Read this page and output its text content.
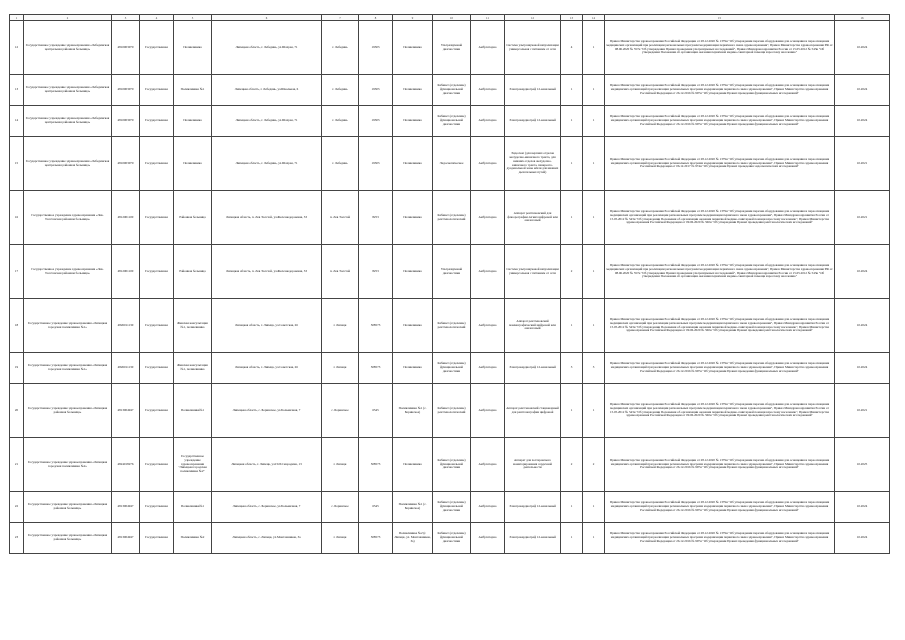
1	2	3	4	5	6	7	8	9	10	11	12	13	14	15	16
12	Государственное учреждение здравоохранения «Лебединская центральная районная больница»	4810003070	Государственная	Поликлиника	Липецкая область, г. Лебедянь, ул.Шахрая, 71	г. Лебедянь	19303	Поликлиника	Ультразвуковой диагностики	Амбулаторно	Система ультразвуковой визуализации универсальная с питанием от сети	4	1	Приказ Министерства здравоохранения Российской Федерации от 28.12.2020 № 1379н "Об утверждении перечня оборудования для оснащения и переоснащения медицинских организаций при реализации региональных программ модернизации первичного звена здравоохранения", Приказ Министерства здравоохранения РФ от 08.06.2020 № 557н "Об утверждении Правил проведения ультразвуковых исследований", Приказ Минздравсоцразвития России от 15.05.2012 № 543н "Об утверждении Положения об организации оказания первичной медико-санитарной помощи взрослому населению"	10.2024
13	Государственное учреждение здравоохранения «Лебединская центральная районная больница»	4810003070	Государственная	Поликлиника №1	Липецкая область, г. Лебедянь, ул.Школьная, 6	г. Лебедянь	19303	Поликлиника	Кабинет (отделение) функциональной диагностики	Амбулаторно	Электрокардиограф 12-канальный	1	1	Приказ Министерства здравоохранения Российской Федерации от 28.12.2020 № 1379н "Об утверждении перечня оборудования для оснащения и переоснащения медицинских организаций при реализации региональных программ модернизации первичного звена здравоохранения", Приказ Министерства здравоохранения Российской Федерации от 26.12.2016 № 997н "Об утверждении Правил проведения функциональных исследований"	10.2024
14	Государственное учреждение здравоохранения «Лебединская центральная районная больница»	4810003070	Государственная	Поликлиника	Липецкая область, г. Лебедянь, ул.Шахрая, 71	г. Лебедянь	19303	Поликлиника	Кабинет (отделение) функциональной диагностики	Амбулаторно	Электрокардиограф 12-канальный	1	1	Приказ Министерства здравоохранения Российской Федерации от 28.12.2020 № 1379н "Об утверждении перечня оборудования для оснащения и переоснащения медицинских организаций при реализации региональных программ модернизации первичного звена здравоохранения", Приказ Министерства здравоохранения Российской Федерации от 26.12.2016 № 997н "Об утверждении Правил проведения функциональных исследований"	10.2024
15	Государственное учреждение здравоохранения «Лебединская центральная районная больница»	4810003070	Государственная	Поликлиника	Липецкая область, г. Лебедянь, ул.Шахрая, 71	г. Лебедянь	19303	Поликлиника	Эндоскопическое	Амбулаторно	Эндоскоп (для верхних отделов желудочно-кишечного тракта, для нижних отделов желудочно-кишечного тракта, панкреато-дуоденальной зоны и/или для нижних дыхательных путей)	1	1	Приказ Министерства здравоохранения Российской Федерации от 28.12.2020 № 1379н "Об утверждении перечня оборудования для оснащения и переоснащения медицинских организаций при реализации региональных программ модернизации первичного звена здравоохранения", Приказ Министерства здравоохранения Российской Федерации от 06.12.2017 № 974н "Об утверждении Правил проведения эндоскопических исследований"	10.2021
16	Государственное учреждение здравоохранения «Лев-Толстовская районная больница»	4812001100	Государственная	Районная больница	Липецкая область, п. Лев Толстой, ул.Железнодорожная, 33	п. Лев Толстой	8253	Поликлиника	Кабинет (отделение) рентгенологический	Амбулаторно	Аппарат рентгеновский для флюорографии легких цифровой или аналоговый	1	1	Приказ Министерства здравоохранения Российской Федерации от 28.12.2020 № 1379н "Об утверждении перечня оборудования для оснащения и переоснащения медицинских организаций при реализации региональных программ модернизации первичного звена здравоохранения", Приказ Минздравсоцразвития России от 15.05.2012 № 543н "Об утверждении Положения об организации оказания первичной медико-санитарной помощи взрослому населению", Приказ Министерства здравоохранения Российской Федерации от 09.06.2020 № 560н "Об утверждении Правил проведения рентгенологических исследований"	10.2021
17	Государственное учреждение здравоохранения «Лев-Толстовская районная больница»	4812001100	Государственная	Районная больница	Липецкая область, п. Лев Толстой, ул.Железнодорожная, 33	п. Лев Толстой	8253	Поликлиника	Ультразвуковой диагностики	Амбулаторно	Система ультразвуковой визуализации универсальная с питанием от сети	2	1	Приказ Министерства здравоохранения Российской Федерации от 28.12.2020 № 1379н "Об утверждении перечня оборудования для оснащения и переоснащения медицинских организаций при реализации региональных программ модернизации первичного звена здравоохранения", Приказ Министерства здравоохранения РФ от 08.06.2020 № 557н "Об утверждении Правил проведения ультразвуковых исследований", Приказ Минздравсоцразвития России от 15.05.2012 № 543н "Об утверждении Положения об организации оказания первичной медико-санитарной помощи взрослому населению"	10.2024
18	Государственное учреждение здравоохранения «Липецкая городская поликлиника №1»	4826011130	Государственная	Женская консультация №1, поликлиника	Липецкая область, г. Липецк, ул.Советская, 26	г. Липецк	508573	Поликлиника	Кабинет (отделение) рентгенологический	Амбулаторно	Аппарат рентгеновский маммографический цифровой или аналоговый	1	1	Приказ Министерства здравоохранения Российской Федерации от 28.12.2020 № 1379н "Об утверждении перечня оборудования для оснащения и переоснащения медицинских организаций при реализации региональных программ модернизации первичного звена здравоохранения", Приказ Минздравсоцразвития России от 15.05.2012 № 543н "Об утверждении Положения об организации оказания первичной медико-санитарной помощи взрослому населению", Приказ Министерства здравоохранения Российской Федерации от 09.06.2020 № 560н "Об утверждении Правил проведения рентгенологических исследований"	10.2024
19	Государственное учреждение здравоохранения «Липецкая городская поликлиника №1»	4826011130	Государственная	Женская консультация №1, поликлиника	Липецкая область, г. Липецк, ул.Советская, 26	г. Липецк	508573	Поликлиника	Кабинет (отделение) функциональной диагностики	Амбулаторно	Электрокардиограф 12-канальный	3	3	Приказ Министерства здравоохранения Российской Федерации от 28.12.2020 № 1379н "Об утверждении перечня оборудования для оснащения и переоснащения медицинских организаций при реализации региональных программ модернизации первичного звена здравоохранения", Приказ Министерства здравоохранения Российской Федерации от 26.12.2016 № 997н "Об утверждении Правил проведения функциональных исследований"	10.2024
20	Государственное учреждение здравоохранения «Липецкая районная больница»	4813004947	Государственная	Поликлиника№1	Липецкая область, с. Боринское, ул.Больничная, 7	с. Боринское	6545	Поликлиника №1 (с. Боринское)	Кабинет (отделение) рентгенологический	Амбулаторно	Аппарат рентгеновский стационарный для рентгенографии цифровой	1	1	Приказ Министерства здравоохранения Российской Федерации от 28.12.2020 № 1379н "Об утверждении перечня оборудования для оснащения и переоснащения медицинских организаций при реализации региональных программ модернизации первичного звена здравоохранения", Приказ Минздравсоцразвития России от 15.05.2012 № 543н "Об утверждении Положения об организации оказания первичной медико-санитарной помощи взрослому населению", Приказ Министерства здравоохранения Российской Федерации от 09.06.2020 № 560н "Об утверждении Правил проведения рентгенологических исследований"	10.2021
21	Государственное учреждение здравоохранения «Липецкая городская поликлиника №2»	4824018276	Государственная	Государственное учреждение здравоохранения "Липецкая городская поликлиника №2"	Липецкая область, г. Липецк, ул.П.И.Смородина, 13	г. Липецк	508573	Поликлиника	Кабинет (отделение) функциональной диагностики	Амбулаторно	Аппарат для холтеровского мониторирования сердечной деятельности	2	2	Приказ Министерства здравоохранения Российской Федерации от 28.12.2020 № 1379н "Об утверждении перечня оборудования для оснащения и переоснащения медицинских организаций при реализации региональных программ модернизации первичного звена здравоохранения", Приказ Министерства здравоохранения Российской Федерации от 26.12.2016 № 997н "Об утверждении Правил проведения функциональных исследований"	10.2025
22	Государственное учреждение здравоохранения «Липецкая районная больница»	4813004947	Государственная	Поликлиника№1	Липецкая область, с. Боринское, ул.Больничная, 7	с. Боринское	6545	Поликлиника №1 (с. Боринское)	Кабинет (отделение) функциональной диагностики	Амбулаторно	Электрокардиограф 12-канальный	1	1	Приказ Министерства здравоохранения Российской Федерации от 28.12.2020 № 1379н "Об утверждении перечня оборудования для оснащения и переоснащения медицинских организаций при реализации региональных программ модернизации первичного звена здравоохранения", Приказ Министерства здравоохранения Российской Федерации от 26.12.2016 № 997н "Об утверждении Правил проведения функциональных исследований"	10.2024
23	Государственное учреждение здравоохранения «Липецкая районная больница»	4813004947	Государственная	Поликлиника №2	Липецкая область, с. Липецк, ул.Монтажников, 3а	г. Липецк	508573	Поликлиника №2 (г. Липецк, ул. Монтажников, 3а)	Кабинет (отделение) функциональной диагностики	Амбулаторно	Электрокардиограф 12-канальный	1	1	Приказ Министерства здравоохранения Российской Федерации от 28.12.2020 № 1379н "Об утверждении перечня оборудования для оснащения и переоснащения медицинских организаций при реализации региональных программ модернизации первичного звена здравоохранения", Приказ Министерства здравоохранения Российской Федерации от 26.12.2016 № 997н "Об утверждении Правил проведения функциональных исследований"	10.2024
